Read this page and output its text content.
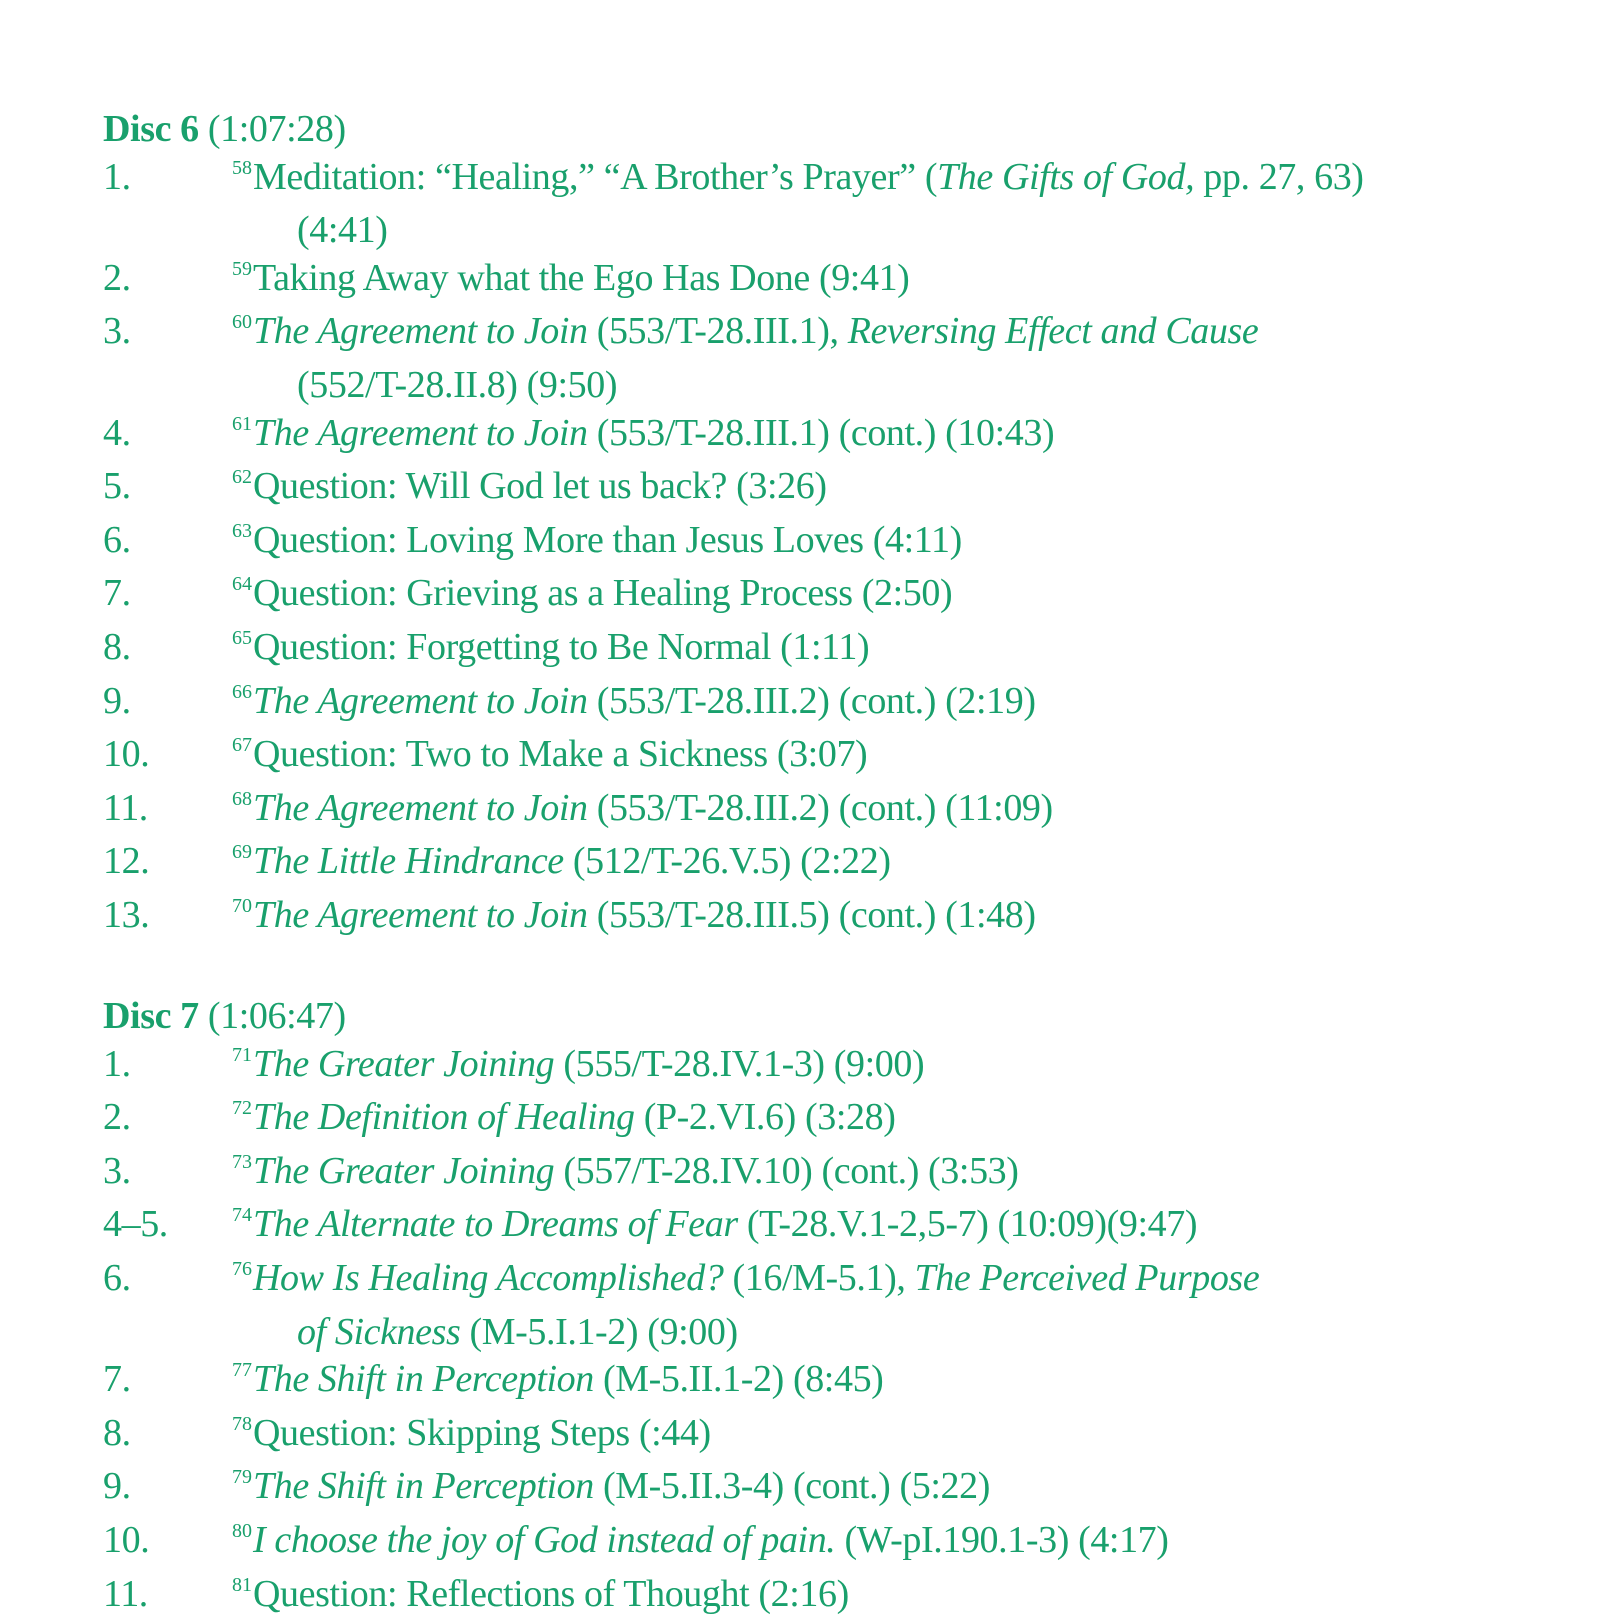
Disc 6 (1:07:28)
1.	$^{58}$Meditation: “Healing,” “A Brother’s Prayer” (The Gifts of God, pp. 27, 63)
(4:41)
2.	$^{59}$Taking Away what the Ego Has Done (9:41)
3.	$^{60}$The Agreement to Join (553/T-28.III.1), Reversing Effect and Cause
(552/T-28.II.8) (9:50)
4.	$^{61}$The Agreement to Join (553/T-28.III.1) (cont.) (10:43)
5.	$^{62}$Question: Will God let us back? (3:26)
6.	$^{63}$Question: Loving More than Jesus Loves (4:11)
7.	$^{64}$Question: Grieving as a Healing Process (2:50)
8.	$^{65}$Question: Forgetting to Be Normal (1:11)
9.	$^{66}$The Agreement to Join (553/T-28.III.2) (cont.) (2:19)
10.	$^{67}$Question: Two to Make a Sickness (3:07)
11.	$^{68}$The Agreement to Join (553/T-28.III.2) (cont.) (11:09)
12.	$^{69}$The Little Hindrance (512/T-26.V.5) (2:22)
13.	$^{70}$The Agreement to Join (553/T-28.III.5) (cont.) (1:48)
Disc 7 (1:06:47)
1.	$^{71}$The Greater Joining (555/T-28.IV.1-3) (9:00)
2.	$^{72}$The Definition of Healing (P-2.VI.6) (3:28)
3.	$^{73}$The Greater Joining (557/T-28.IV.10) (cont.) (3:53)
4–5.	$^{74}$The Alternate to Dreams of Fear (T-28.V.1-2,5-7) (10:09)(9:47)
6.	$^{76}$How Is Healing Accomplished? (16/M-5.1), The Perceived Purpose
of Sickness (M-5.I.1-2) (9:00)
7.	$^{77}$The Shift in Perception (M-5.II.1-2) (8:45)
8.	$^{78}$Question: Skipping Steps (:44)
9.	$^{79}$The Shift in Perception (M-5.II.3-4) (cont.) (5:22)
10.	$^{80}$I choose the joy of God instead of pain. (W-pI.190.1-3) (4:17)
11.	$^{81}$Question: Reflections of Thought (2:16)
